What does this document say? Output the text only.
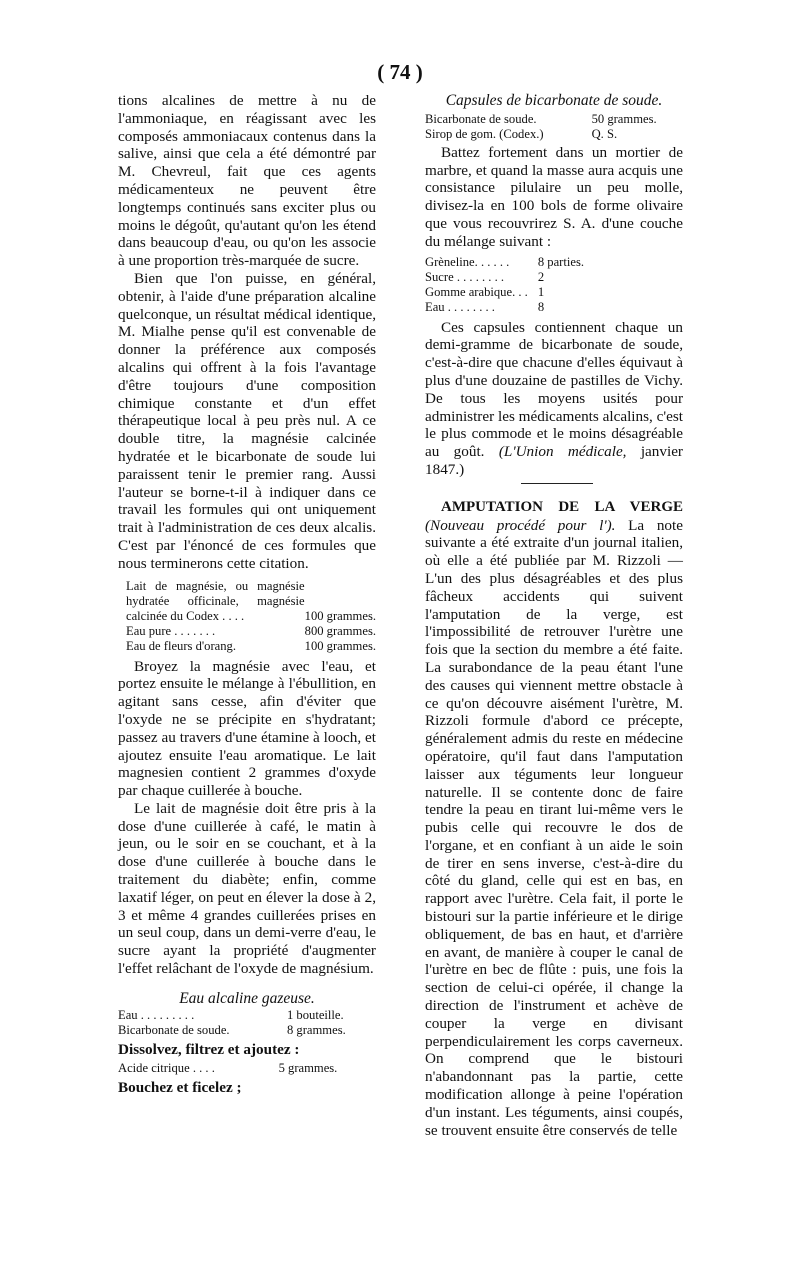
( 74 )

tions alcalines de mettre à nu de l'ammoniaque, en réagissant avec les composés ammoniacaux contenus dans la salive, ainsi que cela a été démontré par M. Chevreul, fait que ces agents médicamenteux ne peuvent être longtemps continués sans exciter plus ou moins le dégoût, qu'autant qu'on les étend dans beaucoup d'eau, ou qu'on les associe à une proportion très-marquée de sucre.

Bien que l'on puisse, en général, obtenir, à l'aide d'une préparation alcaline quelconque, un résultat médical identique, M. Mialhe pense qu'il est convenable de donner la préférence aux composés alcalins qui offrent à la fois l'avantage d'être toujours d'une composition chimique constante et d'un effet thérapeutique local à peu près nul. A ce double titre, la magnésie calcinée hydratée et le bicarbonate de soude lui paraissent tenir le premier rang. Aussi l'auteur se borne-t-il à indiquer dans ce travail les formules qui ont uniquement trait à l'administration de ces deux alcalis. C'est par l'énoncé de ces formules que nous terminerons cette citation.

Lait de magnésie, ou magnésie hydratée officinale, magnésie calcinée du Codex . . . .	100 grammes.
Eau pure . . . . . . .	800 grammes.
Eau de fleurs d'orang.	100 grammes.

Broyez la magnésie avec l'eau, et portez ensuite le mélange à l'ébullition, en agitant sans cesse, afin d'éviter que l'oxyde ne se précipite en s'hydratant; passez au travers d'une étamine à looch, et ajoutez ensuite l'eau aromatique. Le lait magnesien contient 2 grammes d'oxyde par chaque cuillerée à bouche.

Le lait de magnésie doit être pris à la dose d'une cuillerée à café, le matin à jeun, ou le soir en se couchant, et à la dose d'une cuillerée à bouche dans le traitement du diabète; enfin, comme laxatif léger, on peut en élever la dose à 2, 3 et même 4 grandes cuillerées prises en un seul coup, dans un demi-verre d'eau, le sucre ayant la propriété d'augmenter l'effet relâchant de l'oxyde de magnésium.

Eau alcaline gazeuse.

Eau . . . . . . . . .	1 bouteille.
Bicarbonate de soude.	8 grammes.

Dissolvez, filtrez et ajoutez :

Acide citrique . . . .	5 grammes.

Bouchez et ficelez ;

Capsules de bicarbonate de soude.

Bicarbonate de soude.	50 grammes.
Sirop de gom. (Codex.)	Q. S.

Battez fortement dans un mortier de marbre, et quand la masse aura acquis une consistance pilulaire un peu molle, divisez-la en 100 bols de forme olivaire que vous recouvrirez S. A. d'une couche du mélange suivant :

Grèneline. . . . . .	8 parties.
Sucre . . . . . . . .	2
Gomme arabique. . .	1
Eau . . . . . . . .	8

Ces capsules contiennent chaque un demi-gramme de bicarbonate de soude, c'est-à-dire que chacune d'elles équivaut à plus d'une douzaine de pastilles de Vichy. De tous les moyens usités pour administrer les médicaments alcalins, c'est le plus commode et le moins désagréable au goût. (L'Union médicale, janvier 1847.)

AMPUTATION DE LA VERGE (Nouveau procédé pour l'). La note suivante a été extraite d'un journal italien, où elle a été publiée par M. Rizzoli —L'un des plus désagréables et des plus fâcheux accidents qui suivent l'amputation de la verge, est l'impossibilité de retrouver l'urètre une fois que la section du membre a été faite. La surabondance de la peau étant l'une des causes qui viennent mettre obstacle à ce qu'on découvre aisément l'urètre, M. Rizzoli formule d'abord ce précepte, généralement admis du reste en médecine opératoire, qu'il faut dans l'amputation laisser aux téguments leur longueur naturelle. Il se contente donc de faire tendre la peau en tirant lui-même vers le pubis celle qui recouvre le dos de l'organe, et en confiant à un aide le soin de tirer en sens inverse, c'est-à-dire du côté du gland, celle qui est en bas, en rapport avec l'urètre. Cela fait, il porte le bistouri sur la partie inférieure et le dirige obliquement, de bas en haut, et d'arrière en avant, de manière à couper le canal de l'urètre en bec de flûte : puis, une fois la section de celui-ci opérée, il change la direction de l'instrument et achève de couper la verge en divisant perpendiculairement les corps caverneux. On comprend que le bistouri n'abandonnant pas la partie, cette modification allonge à peine l'opération d'un instant. Les téguments, ainsi coupés, se trouvent ensuite être conservés de telle
